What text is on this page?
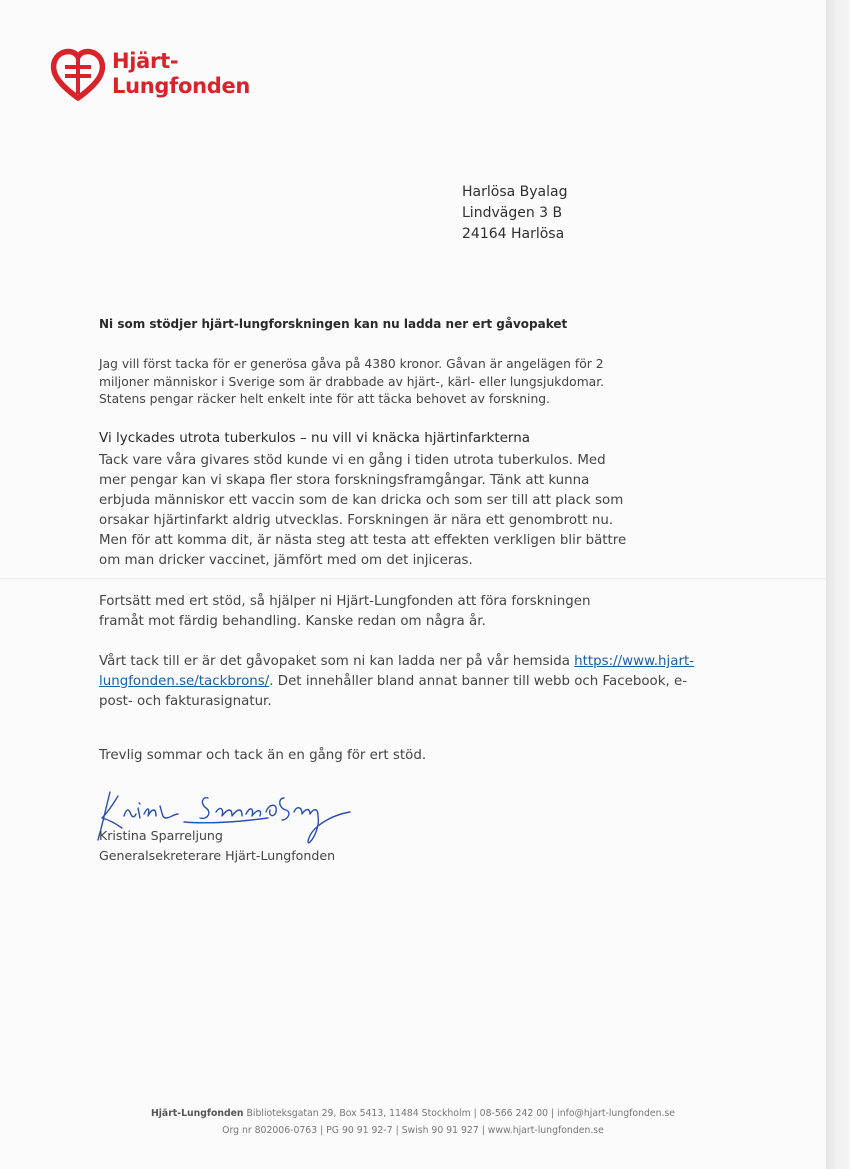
Hjärt-
Lungfonden
Harlösa Byalag
Lindvägen 3 B
24164 Harlösa
Ni som stödjer hjärt-lungforskningen kan nu ladda ner ert gåvopaket
Jag vill först tacka för er generösa gåva på 4380 kronor. Gåvan är angelägen för 2 miljoner människor i Sverige som är drabbade av hjärt-, kärl- eller lungsjukdomar. Statens pengar räcker helt enkelt inte för att täcka behovet av forskning.
Vi lyckades utrota tuberkulos – nu vill vi knäcka hjärtinfarkterna
Tack vare våra givares stöd kunde vi en gång i tiden utrota tuberkulos. Med mer pengar kan vi skapa fler stora forskningsframgångar. Tänk att kunna erbjuda människor ett vaccin som de kan dricka och som ser till att plack som orsakar hjärtinfarkt aldrig utvecklas. Forskningen är nära ett genombrott nu. Men för att komma dit, är nästa steg att testa att effekten verkligen blir bättre om man dricker vaccinet, jämfört med om det injiceras.
Fortsätt med ert stöd, så hjälper ni Hjärt-Lungfonden att föra forskningen framåt mot färdig behandling. Kanske redan om några år.
Vårt tack till er är det gåvopaket som ni kan ladda ner på vår hemsida https://www.hjart-lungfonden.se/tackbrons/. Det innehåller bland annat banner till webb och Facebook, e-post- och fakturasignatur.
Trevlig sommar och tack än en gång för ert stöd.
Kristina Sparreljung
Generalsekreterare Hjärt-Lungfonden
Hjärt-Lungfonden Biblioteksgatan 29, Box 5413, 11484 Stockholm | 08-566 242 00 | info@hjart-lungfonden.se
Org nr 802006-0763 | PG 90 91 92-7 | Swish 90 91 927 | www.hjart-lungfonden.se
